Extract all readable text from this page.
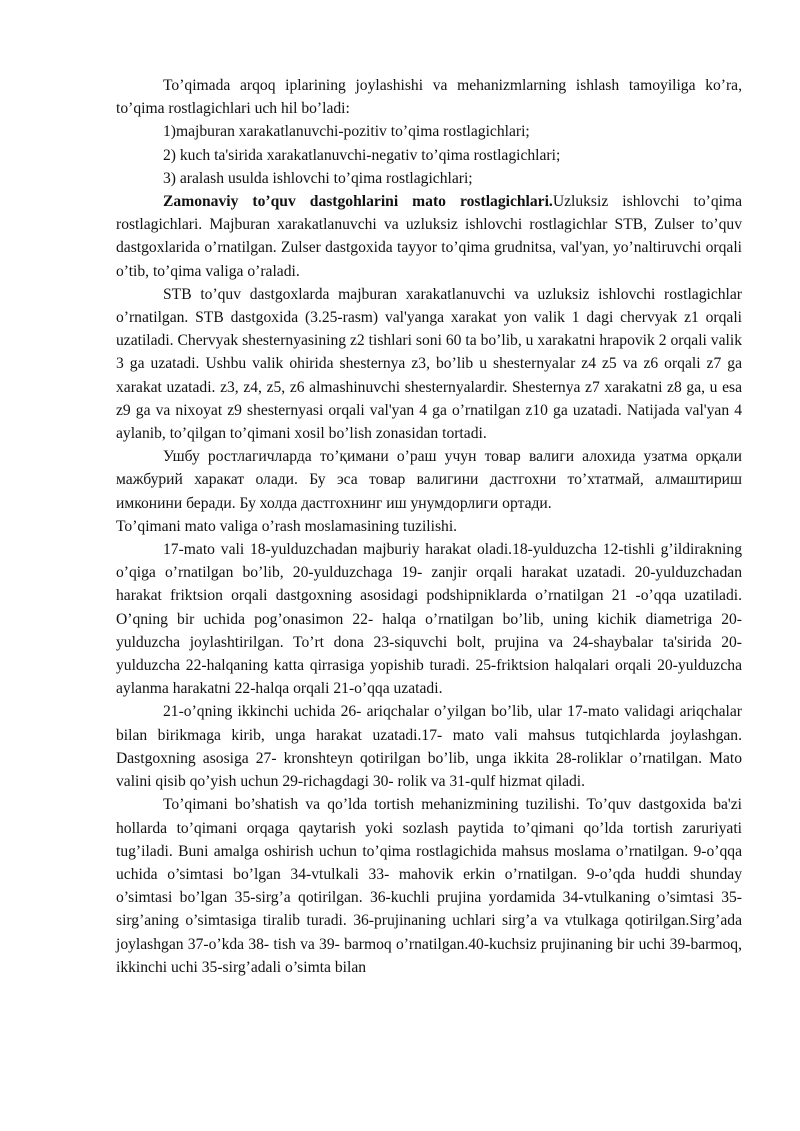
To’qimada arqoq iplarining joylashishi va mehanizmlarning ishlash tamoyiliga ko’ra, to’qima rostlagichlari uch hil bo’ladi:

1)majburan xarakatlanuvchi-pozitiv to’qima rostlagichlari;

2) kuch ta'sirida xarakatlanuvchi-negativ to’qima rostlagichlari;

3) aralash usulda ishlovchi to’qima rostlagichlari;

Zamonaviy to’quv dastgohlarini mato rostlagichlari.Uzluksiz ishlovchi to’qima rostlagichlari. Majburan xarakatlanuvchi va uzluksiz ishlovchi rostlagichlar STB, Zulser to’quv dastgoxlarida o’rnatilgan. Zulser dastgoxida tayyor to’qima grudnitsa, val'yan, yo’naltiruvchi orqali o’tib, to’qima valiga o’raladi.

STB to’quv dastgoxlarda majburan xarakatlanuvchi va uzluksiz ishlovchi rostlagichlar o’rnatilgan. STB dastgoxida (3.25-rasm) val'yanga xarakat yon valik 1 dagi chervyak z1 orqali uzatiladi. Chervyak shesternyasining z2 tishlari soni 60 ta bo’lib, u xarakatni hrapovik 2 orqali valik 3 ga uzatadi. Ushbu valik ohirida shesternya z3, bo’lib u shesternyalar z4 z5 va z6 orqali z7 ga xarakat uzatadi. z3, z4, z5, z6 almashinuvchi shesternyalardir. Shesternya z7 xarakatni z8 ga, u esa z9 ga va nixoyat z9 shesternyasi orqali val'yan 4 ga o’rnatilgan z10 ga uzatadi. Natijada val'yan 4 aylanib, to’qilgan to’qimani xosil bo’lish zonasidan tortadi.

Ушбу ростлагичларда то’қимани о’раш учун товар валиги алохида узатма орқали мажбурий харакат олади. Бу эса товар валигини дастгохни то’хтатмай, алмаштириш имконини беради. Бу холда дастгохнинг иш унумдорлиги ортади.

To’qimani mato valiga o’rash moslamasining tuzilishi.

17-mato vali 18-yulduzchadan majburiy harakat oladi.18-yulduzcha 12-tishli g’ildirakning o’qiga o’rnatilgan bo’lib, 20-yulduzchaga 19- zanjir orqali harakat uzatadi. 20-yulduzchadan harakat friktsion orqali dastgoxning asosidagi podshipniklarda o’rnatilgan 21 -o’qqa uzatiladi. O’qning bir uchida pog’onasimon 22- halqa o’rnatilgan bo’lib, uning kichik diametriga 20-yulduzcha joylashtirilgan. To’rt dona 23-siquvchi bolt, prujina va 24-shaybalar ta'sirida 20-yulduzcha 22-halqaning katta qirrasiga yopishib turadi. 25-friktsion halqalari orqali 20-yulduzcha aylanma harakatni 22-halqa orqali 21-o’qqa uzatadi.

21-o’qning ikkinchi uchida 26- ariqchalar o’yilgan bo’lib, ular 17-mato validagi ariqchalar bilan birikmaga kirib, unga harakat uzatadi.17- mato vali mahsus tutqichlarda joylashgan. Dastgoxning asosiga 27- kronshteyn qotirilgan bo’lib, unga ikkita 28-roliklar o’rnatilgan. Mato valini qisib qo’yish uchun 29-richagdagi 30- rolik va 31-qulf hizmat qiladi.

To’qimani bo’shatish va qo’lda tortish mehanizmining tuzilishi. To’quv dastgoxida ba'zi hollarda to’qimani orqaga qaytarish yoki sozlash paytida to’qimani qo’lda tortish zaruriyati tug’iladi. Buni amalga oshirish uchun to’qima rostlagichida mahsus moslama o’rnatilgan. 9-o’qqa uchida o’simtasi bo’lgan 34-vtulkali 33- mahovik erkin o’rnatilgan. 9-o’qda huddi shunday o’simtasi bo’lgan 35-sirg’a qotirilgan. 36-kuchli prujina yordamida 34-vtulkaning o’simtasi 35-sirg’aning o’simtasiga tiralib turadi. 36-prujinaning uchlari sirg’a va vtulkaga qotirilgan.Sirg’ada joylashgan 37-o’kda 38- tish va 39- barmoq o’rnatilgan.40-kuchsiz prujinaning bir uchi 39-barmoq, ikkinchi uchi 35-sirg’adali o’simta bilan
